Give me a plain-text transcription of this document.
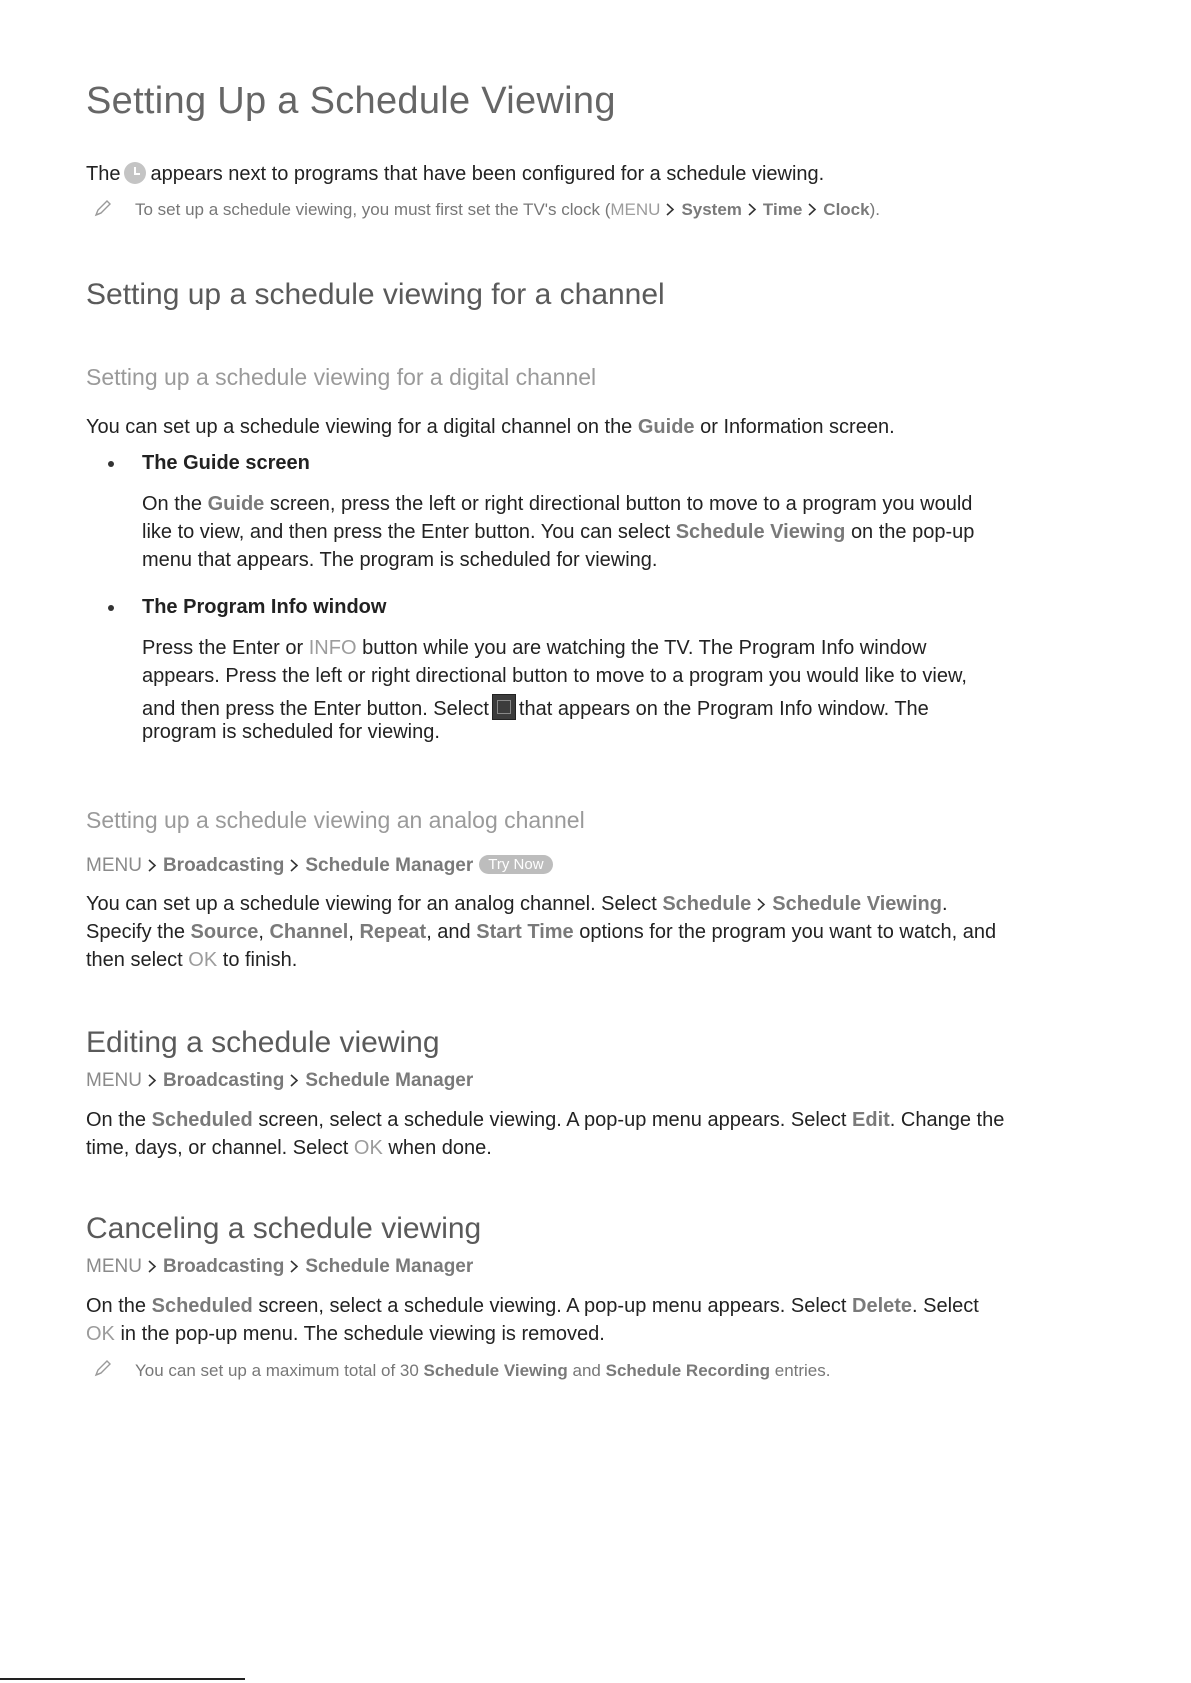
Setting Up a Schedule Viewing
The appears next to programs that have been configured for a schedule viewing.
To set up a schedule viewing, you must first set the TV's clock (MENU System Time Clock).
Setting up a schedule viewing for a channel
Setting up a schedule viewing for a digital channel
You can set up a schedule viewing for a digital channel on the Guide or Information screen.
The Guide screen
On the Guide screen, press the left or right directional button to move to a program you would
like to view, and then press the Enter button. You can select Schedule Viewing on the pop-up
menu that appears. The program is scheduled for viewing.
The Program Info window
Press the Enter or INFO button while you are watching the TV. The Program Info window
appears. Press the left or right directional button to move to a program you would like to view,
and then press the Enter button. Select that appears on the Program Info window. The
program is scheduled for viewing.
Setting up a schedule viewing an analog channel
MENU Broadcasting Schedule Manager Try Now
You can set up a schedule viewing for an analog channel. Select Schedule Schedule Viewing.
Specify the Source, Channel, Repeat, and Start Time options for the program you want to watch, and
then select OK to finish.
Editing a schedule viewing
MENU Broadcasting Schedule Manager
On the Scheduled screen, select a schedule viewing. A pop-up menu appears. Select Edit. Change the
time, days, or channel. Select OK when done.
Canceling a schedule viewing
MENU Broadcasting Schedule Manager
On the Scheduled screen, select a schedule viewing. A pop-up menu appears. Select Delete. Select
OK in the pop-up menu. The schedule viewing is removed.
You can set up a maximum total of 30 Schedule Viewing and Schedule Recording entries.
